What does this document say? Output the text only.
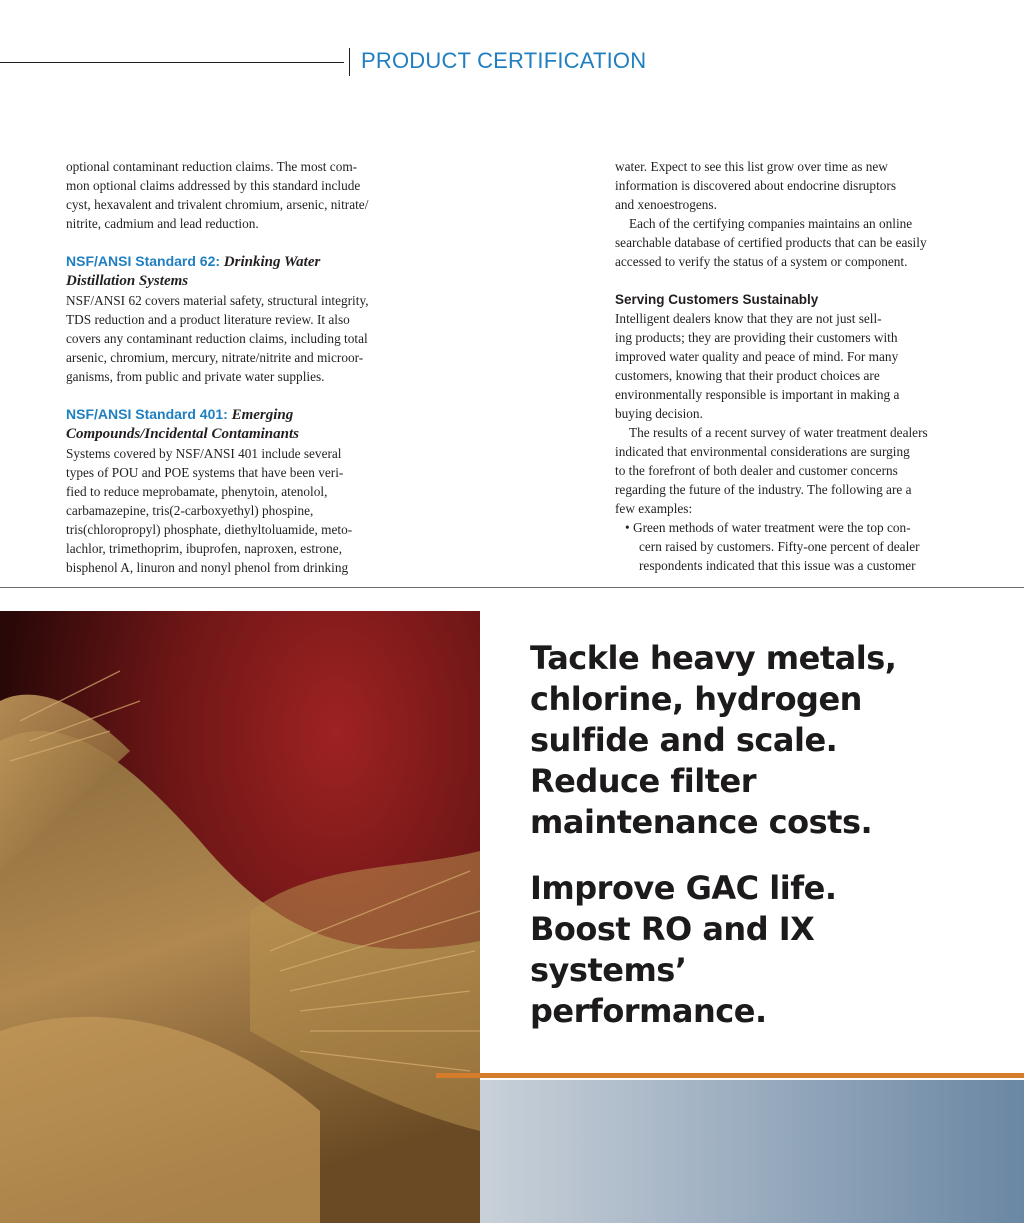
PRODUCT CERTIFICATION

optional contaminant reduction claims. The most com-
mon optional claims addressed by this standard include
cyst, hexavalent and trivalent chromium, arsenic, nitrate/
nitrite, cadmium and lead reduction.

NSF/ANSI Standard 62: Drinking Water
Distillation Systems

NSF/ANSI 62 covers material safety, structural integrity,
TDS reduction and a product literature review. It also
covers any contaminant reduction claims, including total
arsenic, chromium, mercury, nitrate/nitrite and microor-
ganisms, from public and private water supplies.

NSF/ANSI Standard 401: Emerging
Compounds/Incidental Contaminants

Systems covered by NSF/ANSI 401 include several
types of POU and POE systems that have been veri-
fied to reduce meprobamate, phenytoin, atenolol,
carbamazepine, tris(2-carboxyethyl) phospine,
tris(chloropropyl) phosphate, diethyltoluamide, meto-
lachlor, trimethoprim, ibuprofen, naproxen, estrone,
bisphenol A, linuron and nonyl phenol from drinking

water. Expect to see this list grow over time as new
information is discovered about endocrine disruptors
and xenoestrogens.

Each of the certifying companies maintains an online
searchable database of certified products that can be easily
accessed to verify the status of a system or component.

Serving Customers Sustainably

Intelligent dealers know that they are not just sell-
ing products; they are providing their customers with
improved water quality and peace of mind. For many
customers, knowing that their product choices are
environmentally responsible is important in making a
buying decision.

The results of a recent survey of water treatment dealers
indicated that environmental considerations are surging
to the forefront of both dealer and customer concerns
regarding the future of the industry. The following are a
few examples:

• Green methods of water treatment were the top con-
cern raised by customers. Fifty-one percent of dealer
respondents indicated that this issue was a customer

Tackle heavy metals,
chlorine, hydrogen
sulfide and scale.
Reduce filter
maintenance costs.

Improve GAC life.
Boost RO and IX
systems’
performance.
